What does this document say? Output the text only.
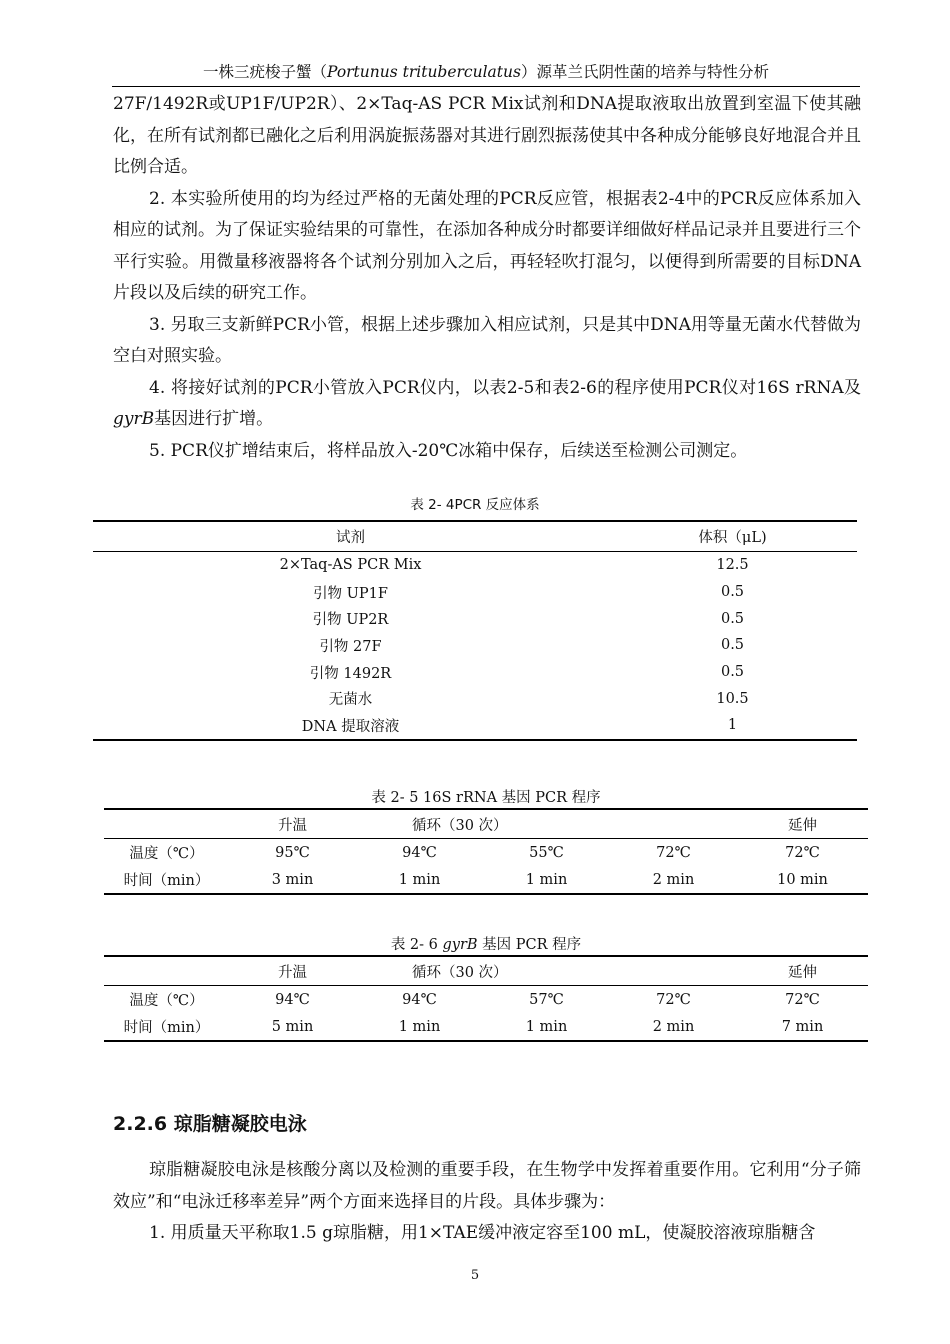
一株三疣梭子蟹（Portunus trituberculatus）源革兰氏阴性菌的培养与特性分析

27F/1492R或UP1F/UP2R）、2×Taq-AS PCR Mix试剂和DNA提取液取出放置到室温下使其融化，在所有试剂都已融化之后利用涡旋振荡器对其进行剧烈振荡使其中各种成分能够良好地混合并且比例合适。

2. 本实验所使用的均为经过严格的无菌处理的PCR反应管，根据表2-4中的PCR反应体系加入相应的试剂。为了保证实验结果的可靠性，在添加各种成分时都要详细做好样品记录并且要进行三个平行实验。用微量移液器将各个试剂分别加入之后，再轻轻吹打混匀，以便得到所需要的目标DNA片段以及后续的研究工作。

3. 另取三支新鲜PCR小管，根据上述步骤加入相应试剂，只是其中DNA用等量无菌水代替做为空白对照实验。

4. 将接好试剂的PCR小管放入PCR仪内，以表2-5和表2-6的程序使用PCR仪对16S rRNA及gyrB基因进行扩增。

5. PCR仪扩增结束后，将样品放入-20℃冰箱中保存，后续送至检测公司测定。

表 2- 4PCR 反应体系
试剂	体积（μL)
2×Taq-AS PCR Mix	12.5
引物 UP1F	0.5
引物 UP2R	0.5
引物 27F	0.5
引物 1492R	0.5
无菌水	10.5
DNA 提取溶液	1
表 2- 5 16S rRNA 基因 PCR 程序
	升温	循环（30 次）			延伸
温度（℃）	95℃	94℃	55℃	72℃	72℃
时间（min）	3 min	1 min	1 min	2 min	10 min
表 2- 6 gyrB 基因 PCR 程序
	升温	循环（30 次）			延伸
温度（℃）	94℃	94℃	57℃	72℃	72℃
时间（min）	5 min	1 min	1 min	2 min	7 min
2.2.6 琼脂糖凝胶电泳

琼脂糖凝胶电泳是核酸分离以及检测的重要手段，在生物学中发挥着重要作用。它利用“分子筛效应”和“电泳迁移率差异”两个方面来选择目的片段。具体步骤为：

1. 用质量天平称取1.5 g琼脂糖，用1×TAE缓冲液定容至100 mL，使凝胶溶液琼脂糖含

5
